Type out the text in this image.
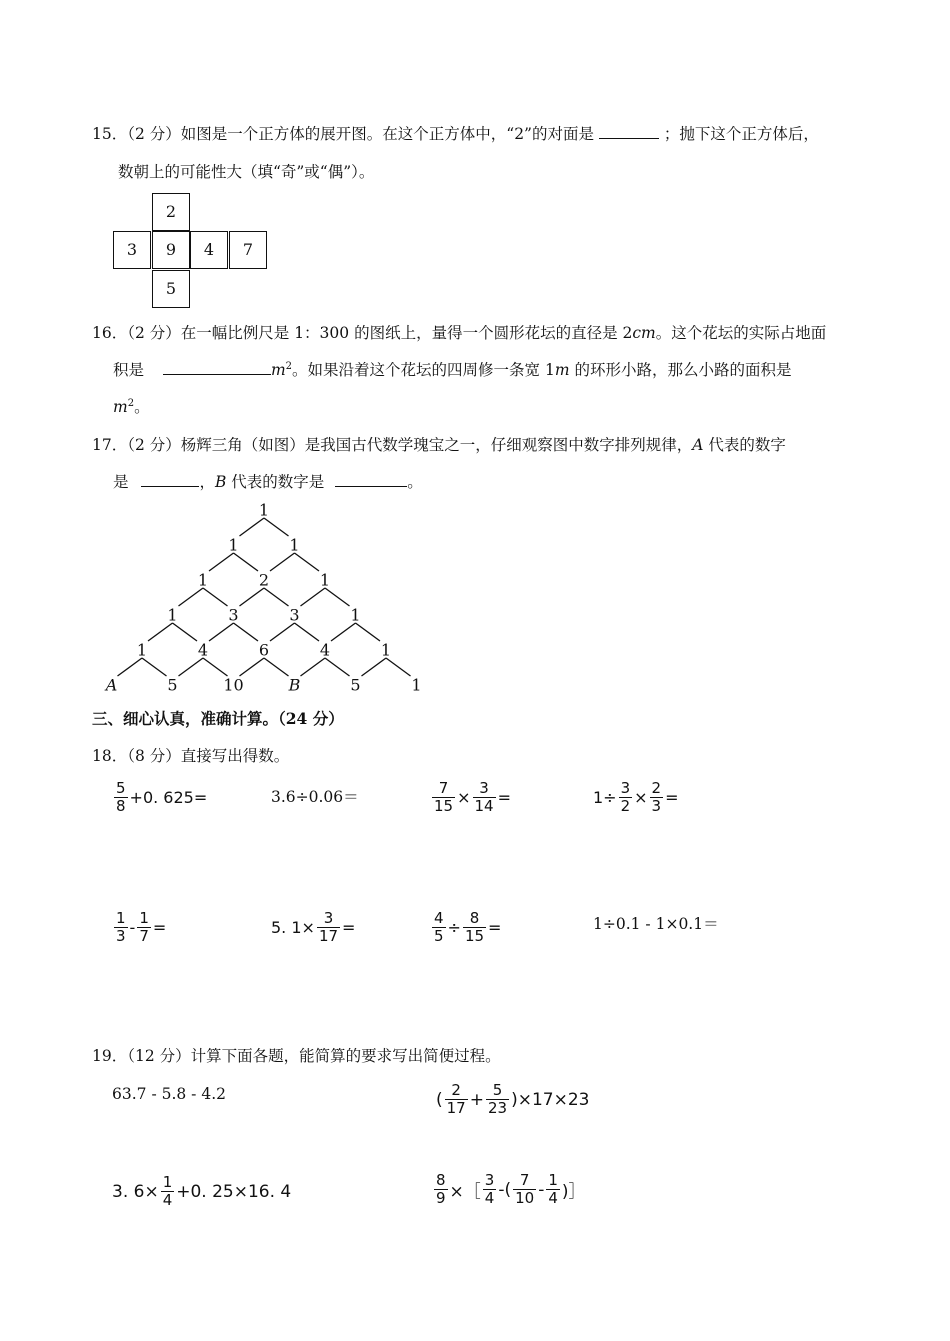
15．（2 分）如图是一个正方体的展开图。在这个正方体中，“2”的对面是	；抛下这个正方体后，
数朝上的可能性大（填“奇”或“偶”）。
2
3	9	4	7
5
16．（2 分）在一幅比例尺是 1：300 的图纸上，量得一个圆形花坛的直径是 2cm。这个花坛的实际占地面
积是	$m^2$。如果沿着这个花坛的四周修一条宽 1m 的环形小路，那么小路的面积是
$m^2$。
17．（2 分）杨辉三角（如图）是我国古代数学瑰宝之一，仔细观察图中数字排列规律，A 代表的数字
是	，B 代表的数字是	。
1
1	1
1	2	1
1	3	3	1
1	4	6	4	1
A	5	10	B	5	1
三、细心认真，准确计算。（24 分）
18．（8 分）直接写出得数。
$\frac{5}{8} +0$. 625=	3.6÷0.06＝	$\frac{7}{15} \times \frac{3}{14}$ =	$1\div \frac{3}{2} \times \frac{2}{3}$ =
$\frac{1}{3} - \frac{1}{7}$ =	5. $1\times \frac{3}{17}$ =	$\frac{4}{5} \div \frac{8}{15}$ =	1÷0.1 - 1×0.1＝
19．（12 分）计算下面各题，能简算的要求写出简便过程。
63.7 - 5.8 - 4.2	( $\frac{2}{17} + \frac{5}{23} )\times 17\times 23$
3. $6\times \frac{1}{4} +0$. 25×16. 4	$\frac{8}{9}$ ×［ $\frac{3}{4}$ -( $\frac{7}{10} - \frac{1}{4}$ )］
